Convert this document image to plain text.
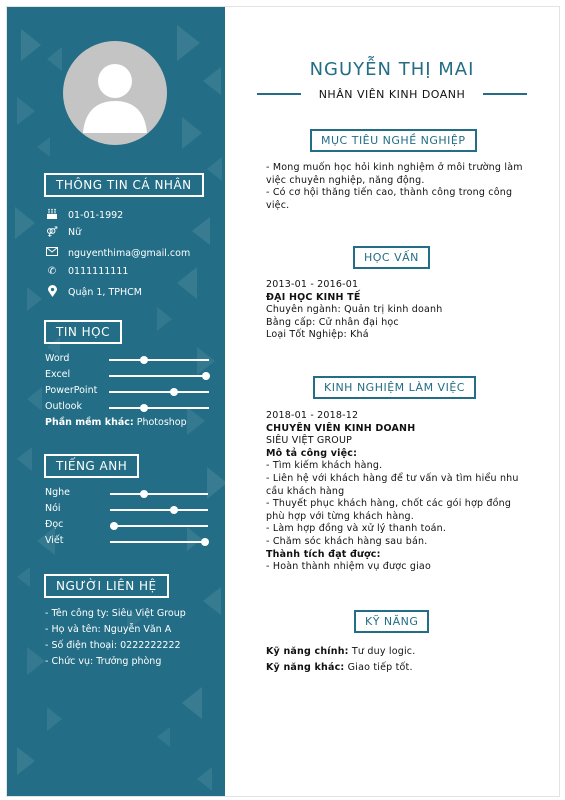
THÔNG TIN CÁ NHÂN
01-01-1992
⚤ Nữ
nguyenthima@gmail.com
✆ 0111111111
Quận 1, TPHCM
TIN HỌC
Word
Excel
PowerPoint
Outlook
Phần mềm khác: Photoshop
TIẾNG ANH
Nghe
Nói
Đọc
Viết
NGƯỜI LIÊN HỆ
- Tên công ty: Siêu Việt Group
- Họ và tên: Nguyễn Văn A
- Số điện thoại: 0222222222
- Chức vụ: Trưởng phòng
NGUYỄN THỊ MAI
NHÂN VIÊN KINH DOANH
MỤC TIÊU NGHỀ NGHIỆP
- Mong muốn học hỏi kinh nghiệm ở môi trường làm
việc chuyên nghiệp, năng động.
- Có cơ hội thăng tiến cao, thành công trong công
việc.
HỌC VẤN
2013-01 - 2016-01
ĐẠI HỌC KINH TẾ
Chuyên ngành: Quản trị kinh doanh
Bằng cấp: Cử nhân đại học
Loại Tốt Nghiệp: Khá
KINH NGHIỆM LÀM VIỆC
2018-01 - 2018-12
CHUYÊN VIÊN KINH DOANH
SIÊU VIỆT GROUP
Mô tả công việc:
- Tìm kiếm khách hàng.
- Liên hệ với khách hàng để tư vấn và tìm hiểu nhu
cầu khách hàng
- Thuyết phục khách hàng, chốt các gói hợp đồng
phù hợp với từng khách hàng.
- Làm hợp đồng và xử lý thanh toán.
- Chăm sóc khách hàng sau bán.
Thành tích đạt được:
- Hoàn thành nhiệm vụ được giao
KỸ NĂNG
Kỹ năng chính: Tư duy logic.
Kỹ năng khác: Giao tiếp tốt.
